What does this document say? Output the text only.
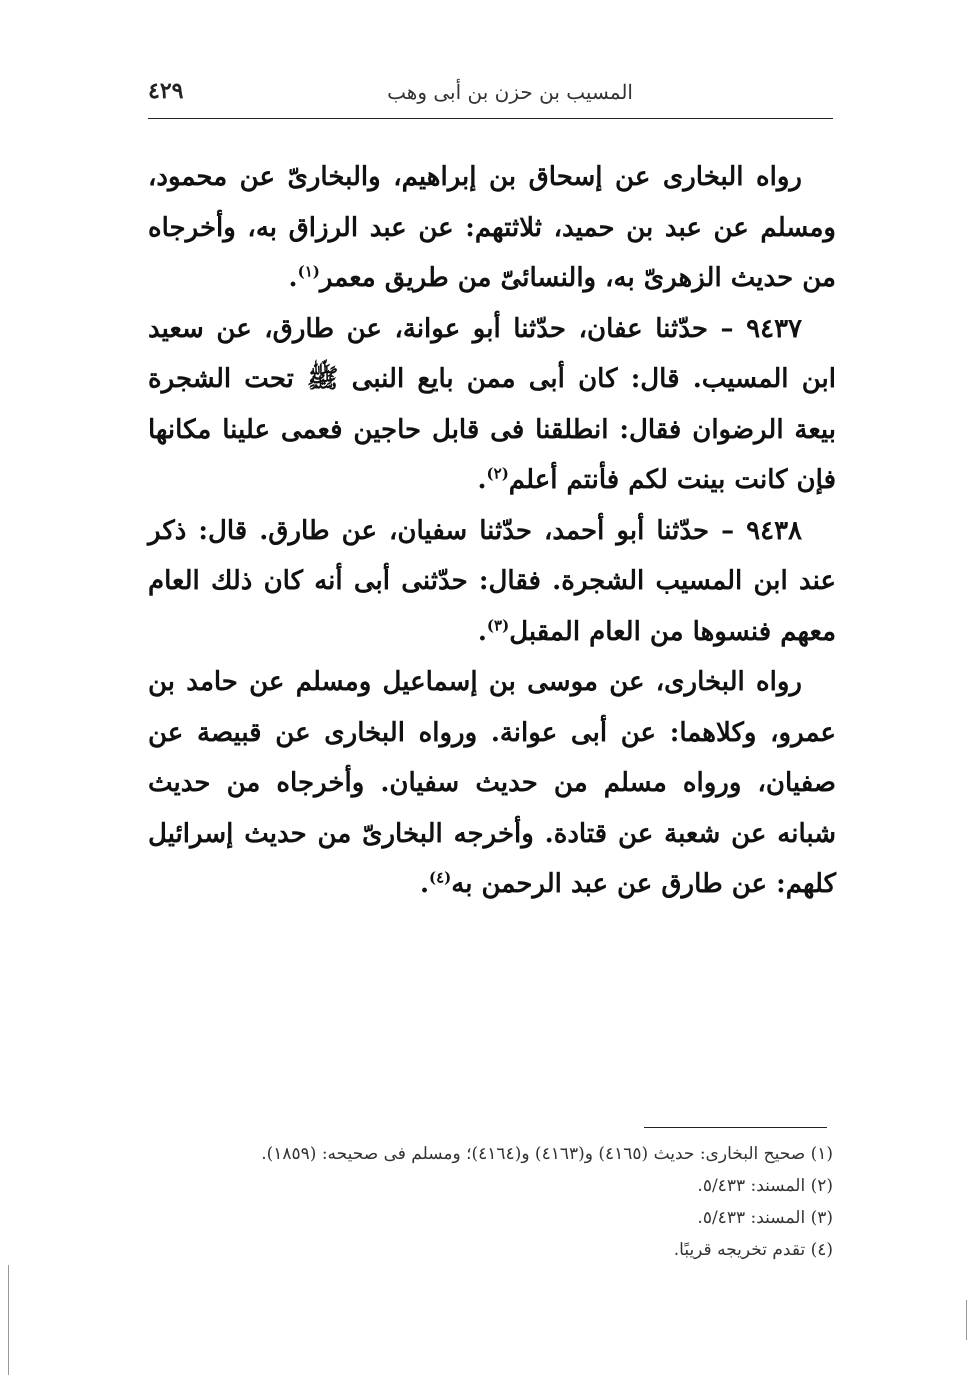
المسيب بن حزن بن أبى وهب
٤٢٩

رواه البخارى عن إسحاق بن إبراهيم، والبخارىّ عن محمود، ومسلم عن عبد بن حميد، ثلاثتهم: عن عبد الرزاق به، وأخرجاه من حديث الزهرىّ به، والنسائىّ من طريق معمر$^{(١)}$.

٩٤٣٧ – حدّثنا عفان، حدّثنا أبو عوانة، عن طارق، عن سعيد ابن المسيب. قال: كان أبى ممن بايع النبى ﷺ تحت الشجرة بيعة الرضوان فقال: انطلقنا فى قابل حاجين فعمى علينا مكانها فإن كانت بينت لكم فأنتم أعلم$^{(٢)}$.

٩٤٣٨ – حدّثنا أبو أحمد، حدّثنا سفيان، عن طارق. قال: ذكر عند ابن المسيب الشجرة. فقال: حدّثنى أبى أنه كان ذلك العام معهم فنسوها من العام المقبل$^{(٣)}$.

رواه البخارى، عن موسى بن إسماعيل ومسلم عن حامد بن عمرو، وكلاهما: عن أبى عوانة. ورواه البخارى عن قبيصة عن صفيان، ورواه مسلم من حديث سفيان. وأخرجاه من حديث شبانه عن شعبة عن قتادة. وأخرجه البخارىّ من حديث إسرائيل كلهم: عن طارق عن عبد الرحمن به$^{(٤)}$.

(١) صحيح البخارى: حديث (٤١٦٥) و(٤١٦٣) و(٤١٦٤)؛ ومسلم فى صحيحه: (١٨٥٩).

(٢) المسند: ٥/٤٣٣.

(٣) المسند: ٥/٤٣٣.

(٤) تقدم تخريجه قريبًا.
